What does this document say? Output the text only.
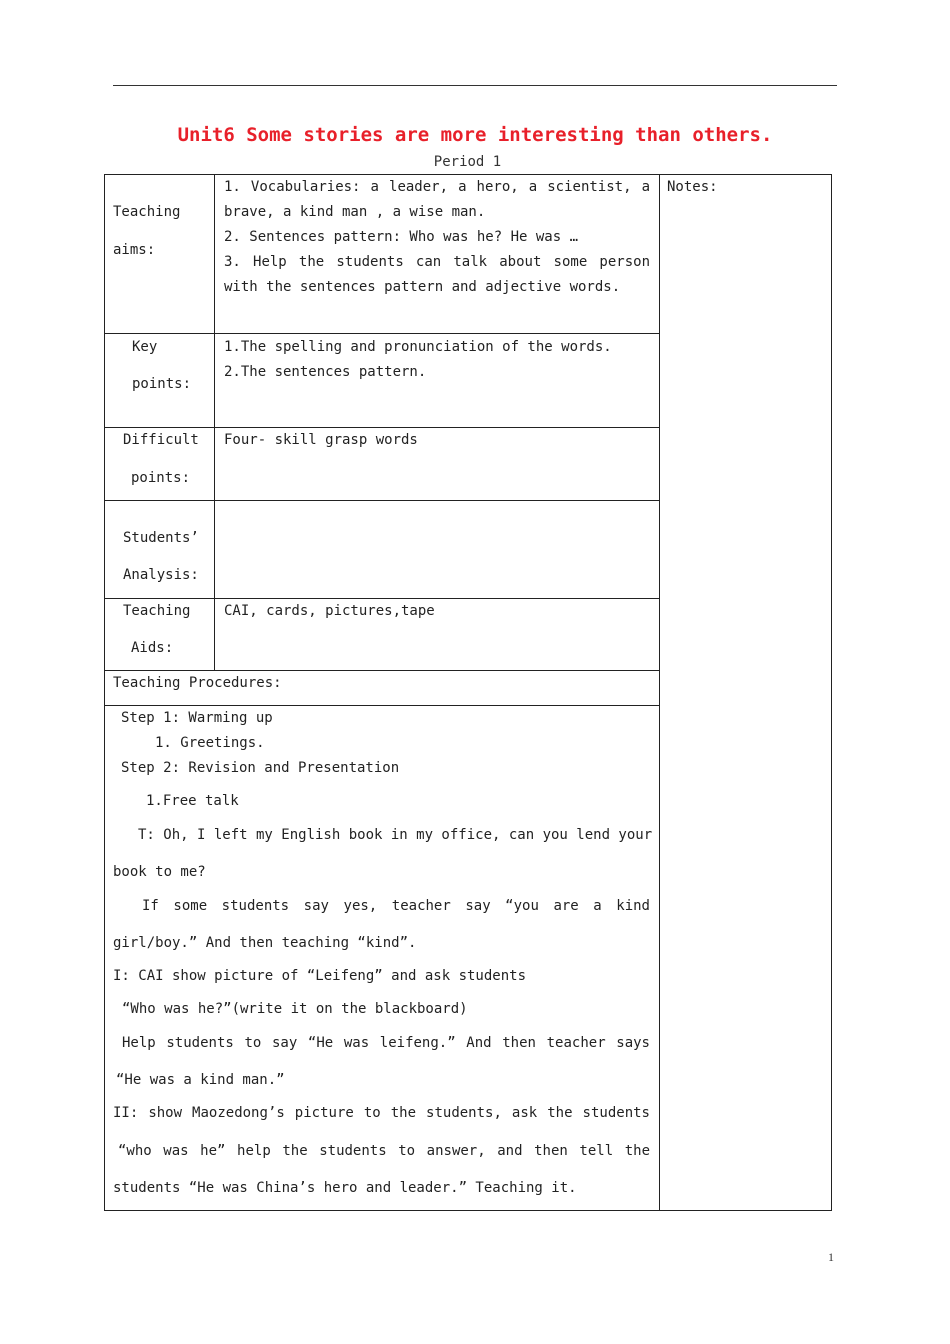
Unit6 Some stories are more interesting than others.
Period 1
Notes:
Teaching
aims:
1. Vocabularies: a leader, a hero, a scientist, a
brave, a kind man , a wise man.
2. Sentences pattern: Who was he? He was …
3. Help the students can talk about some person
with the sentences pattern and adjective words.
Key
points:
1.The spelling and pronunciation of the words.
2.The sentences pattern.
Difficult
points:
Four- skill grasp words
Students’
Analysis:
Teaching
Aids:
CAI, cards, pictures,tape
Teaching Procedures:
Step 1: Warming up
1. Greetings.
Step 2: Revision and Presentation
1.Free talk
T: Oh, I left my English book in my office, can you lend your
book to me?
If some students say yes, teacher say “you are a kind
girl/boy.” And then teaching “kind”.
I: CAI show picture of “Leifeng” and ask students
“Who was he?”(write it on the blackboard)
Help students to say “He was leifeng.” And then teacher says
“He was a kind man.”
II: show Maozedong’s picture to the students, ask the students
“who was he” help the students to answer, and then tell the
students “He was China’s hero and leader.” Teaching it.
1
